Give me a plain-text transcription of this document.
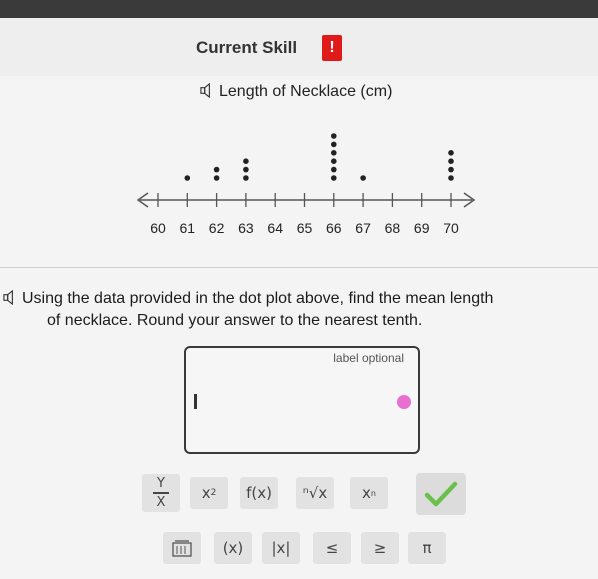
Current Skill	!
Length of Necklace (cm)
60 61 62 63 64 65 66 67 68 69 70
Using the data provided in the dot plot above, find the mean length
of necklace. Round your answer to the nearest tenth.
label optional
$\frac{Y}{X}$ x 2 f(x) ⁿ√x x n
(x) |x| ≤ ≥ π
